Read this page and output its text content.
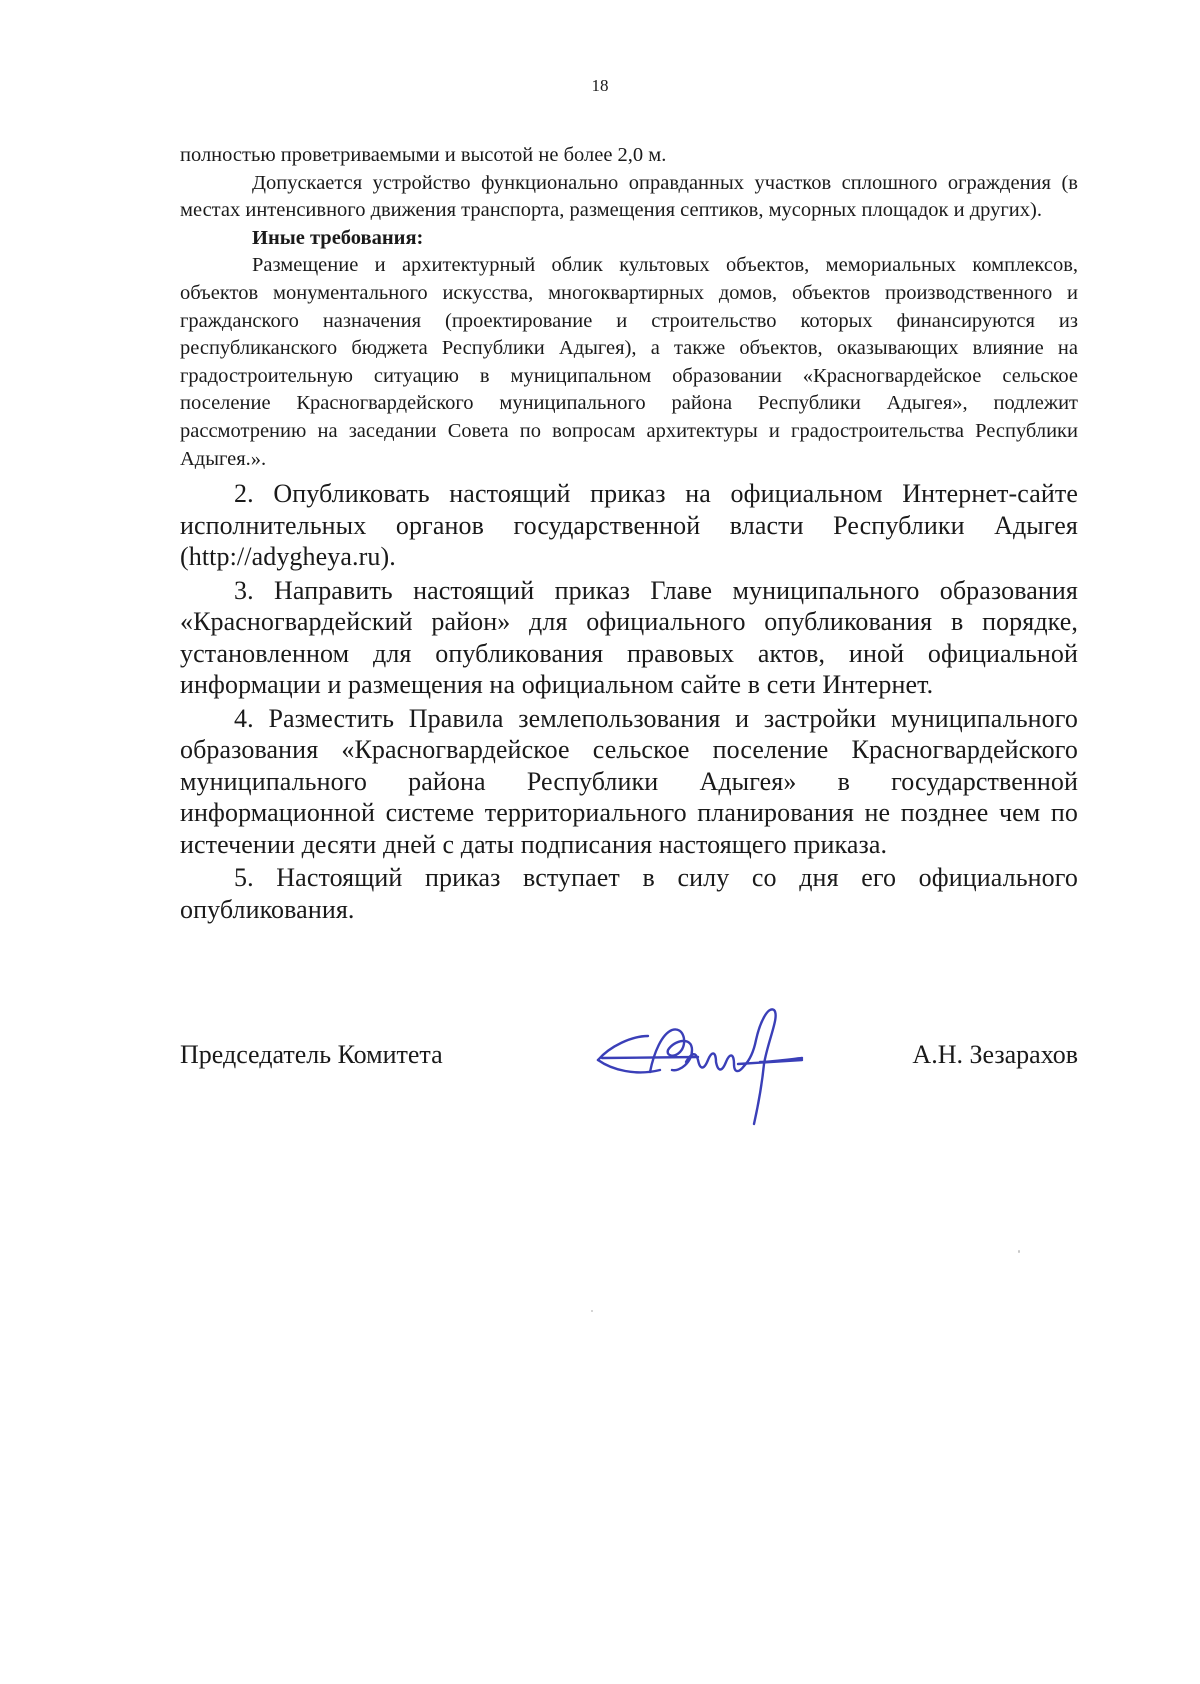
18

полностью проветриваемыми и высотой не более 2,0 м.

Допускается устройство функционально оправданных участков сплошного ограждения (в местах интенсивного движения транспорта, размещения септиков, мусорных площадок и других).

Иные требования:

Размещение и архитектурный облик культовых объектов, мемориальных комплексов, объектов монументального искусства, многоквартирных домов, объектов производственного и гражданского назначения (проектирование и строительство которых финансируются из республиканского бюджета Республики Адыгея), а также объектов, оказывающих влияние на градостроительную ситуацию в муниципальном образовании «Красногвардейское сельское поселение Красногвардейского муниципального района Республики Адыгея», подлежит рассмотрению на заседании Совета по вопросам архитектуры и градостроительства Республики Адыгея.».

2. Опубликовать настоящий приказ на официальном Интернет-сайте исполнительных органов государственной власти Республики Адыгея (http://adygheya.ru).

3. Направить настоящий приказ Главе муниципального образования «Красногвардейский район» для официального опубликования в порядке, установленном для опубликования правовых актов, иной официальной информации и размещения на официальном сайте в сети Интернет.

4. Разместить Правила землепользования и застройки муниципального образования «Красногвардейское сельское поселение Красногвардейского муниципального района Республики Адыгея» в государственной информационной системе территориального планирования не позднее чем по истечении десяти дней с даты подписания настоящего приказа.

5. Настоящий приказ вступает в силу со дня его официального опубликования.

Председатель Комитета	А.Н. Зезарахов
